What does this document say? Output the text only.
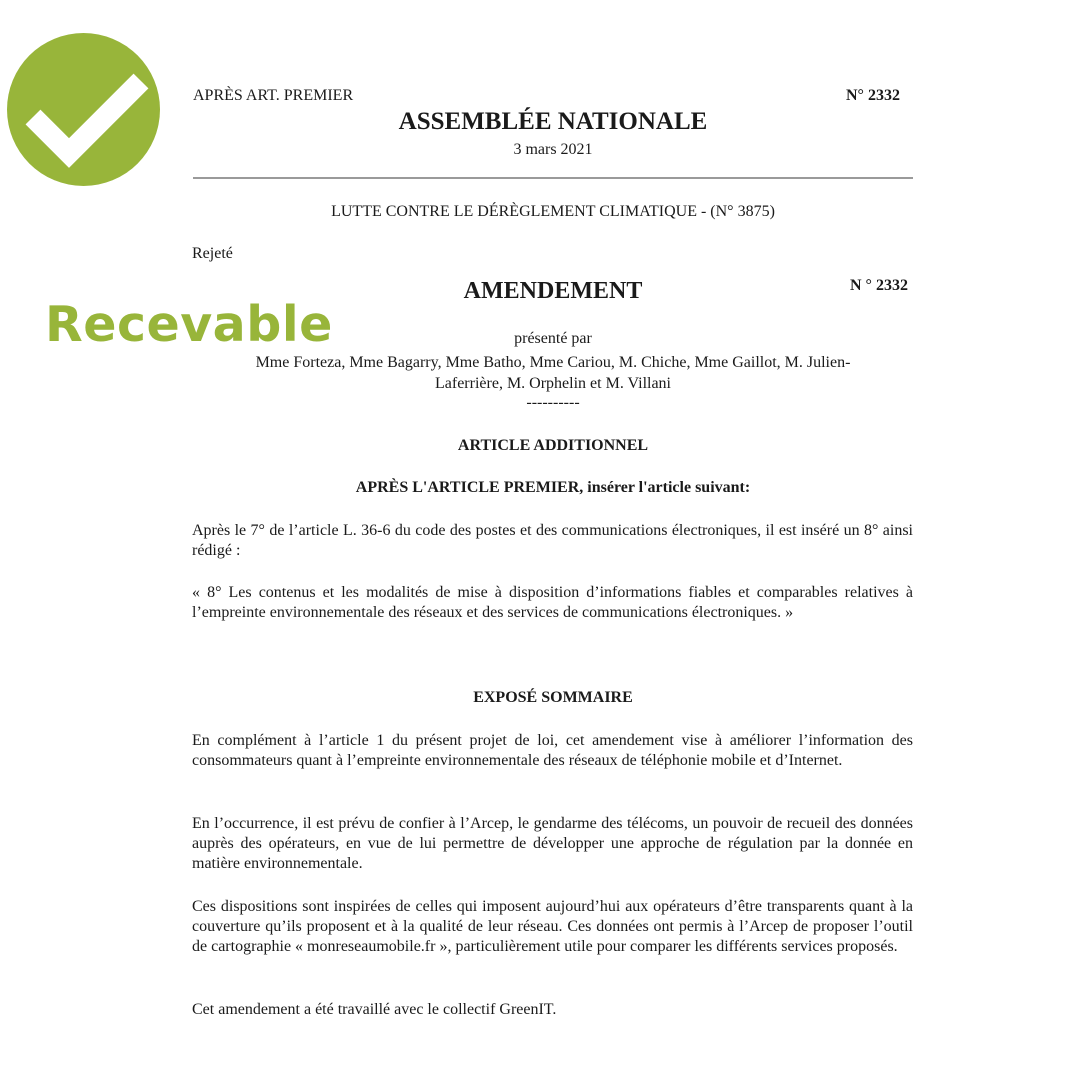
Recevable
APRÈS ART. PREMIER	N° 2332
ASSEMBLÉE NATIONALE
3 mars 2021
LUTTE CONTRE LE DÉRÈGLEMENT CLIMATIQUE - (N° 3875)
Rejeté
AMENDEMENT	N ° 2332
présenté par
Mme Forteza, Mme Bagarry, Mme Batho, Mme Cariou, M. Chiche, Mme Gaillot, M. Julien-
Laferrière, M. Orphelin et M. Villani
----------
ARTICLE ADDITIONNEL
APRÈS L'ARTICLE PREMIER, insérer l'article suivant:
Après le 7° de l’article L. 36-6 du code des postes et des communications électroniques, il est inséré un 8° ainsi rédigé :
« 8° Les contenus et les modalités de mise à disposition d’informations fiables et comparables relatives à l’empreinte environnementale des réseaux et des services de communications électroniques. »
EXPOSÉ SOMMAIRE
En complément à l’article 1 du présent projet de loi, cet amendement vise à améliorer l’information des consommateurs quant à l’empreinte environnementale des réseaux de téléphonie mobile et d’Internet.
En l’occurrence, il est prévu de confier à l’Arcep, le gendarme des télécoms, un pouvoir de recueil des données auprès des opérateurs, en vue de lui permettre de développer une approche de régulation par la donnée en matière environnementale.
Ces dispositions sont inspirées de celles qui imposent aujourd’hui aux opérateurs d’être transparents quant à la couverture qu’ils proposent et à la qualité de leur réseau. Ces données ont permis à l’Arcep de proposer l’outil de cartographie « monreseaumobile.fr », particulièrement utile pour comparer les différents services proposés.
Cet amendement a été travaillé avec le collectif GreenIT.
